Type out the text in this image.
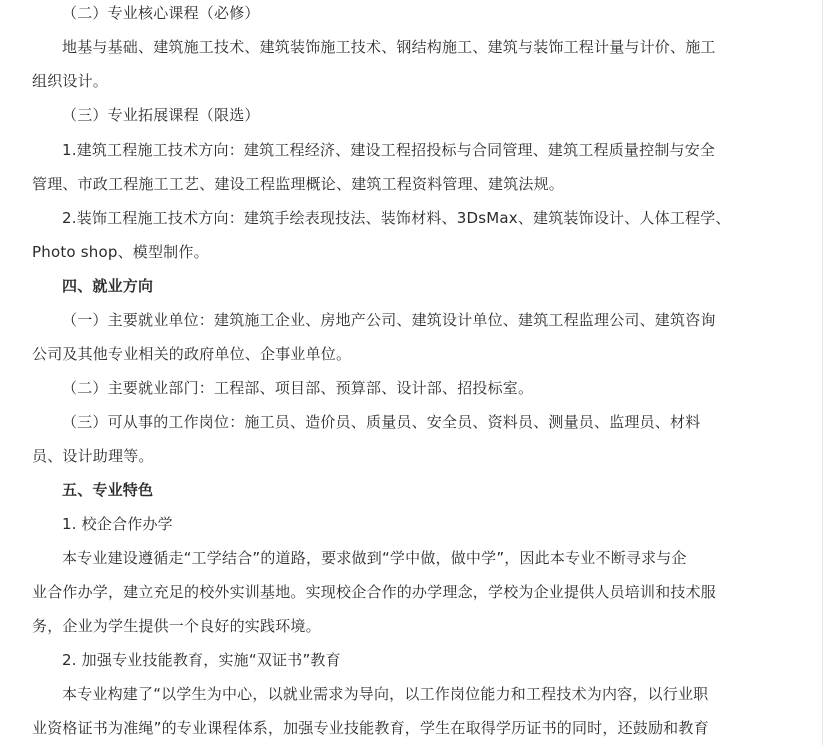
（二）专业核心课程（必修）
地基与基础、建筑施工技术、建筑装饰施工技术、钢结构施工、建筑与装饰工程计量与计价、施工
组织设计。
（三）专业拓展课程（限选）
1.建筑工程施工技术方向：建筑工程经济、建设工程招投标与合同管理、建筑工程质量控制与安全
管理、市政工程施工工艺、建设工程监理概论、建筑工程资料管理、建筑法规。
2.装饰工程施工技术方向：建筑手绘表现技法、装饰材料、3DsMax、建筑装饰设计、人体工程学、
Photo shop、模型制作。
四、就业方向
（一）主要就业单位：建筑施工企业、房地产公司、建筑设计单位、建筑工程监理公司、建筑咨询
公司及其他专业相关的政府单位、企事业单位。
（二）主要就业部门：工程部、项目部、预算部、设计部、招投标室。
（三）可从事的工作岗位：施工员、造价员、质量员、安全员、资料员、测量员、监理员、材料
员、设计助理等。
五、专业特色
1. 校企合作办学
本专业建设遵循走“工学结合”的道路，要求做到“学中做，做中学”，因此本专业不断寻求与企
业合作办学，建立充足的校外实训基地。实现校企合作的办学理念，学校为企业提供人员培训和技术服
务，企业为学生提供一个良好的实践环境。
2. 加强专业技能教育，实施“双证书”教育
本专业构建了“以学生为中心，以就业需求为导向，以工作岗位能力和工程技术为内容，以行业职
业资格证书为准绳”的专业课程体系，加强专业技能教育，学生在取得学历证书的同时，还鼓励和教育
